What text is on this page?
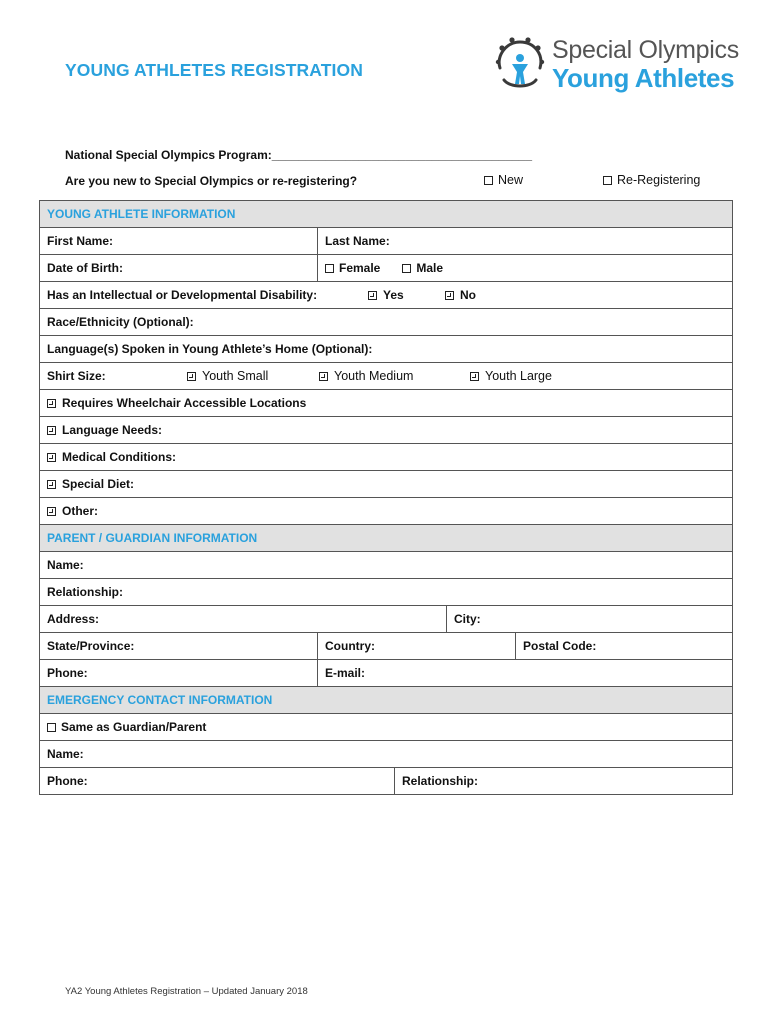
YOUNG ATHLETES REGISTRATION
Special Olympics
Young Athletes
National Special Olympics Program:_______________________________________
Are you new to Special Olympics or re-registering?	New	Re-Registering
YOUNG ATHLETE INFORMATION
First Name:	Last Name:
Date of Birth:	Female	Male
Has an Intellectual or Developmental Disability:	Yes	No
Race/Ethnicity (Optional):
Language(s) Spoken in Young Athlete’s Home (Optional):
Shirt Size:	Youth Small	Youth Medium	Youth Large
Requires Wheelchair Accessible Locations
Language Needs:
Medical Conditions:
Special Diet:
Other:
PARENT / GUARDIAN INFORMATION
Name:
Relationship:
Address:	City:
State/Province:	Country:	Postal Code:
Phone:	E-mail:
EMERGENCY CONTACT INFORMATION
Same as Guardian/Parent
Name:
Phone:	Relationship:
YA2 Young Athletes Registration – Updated January 2018
